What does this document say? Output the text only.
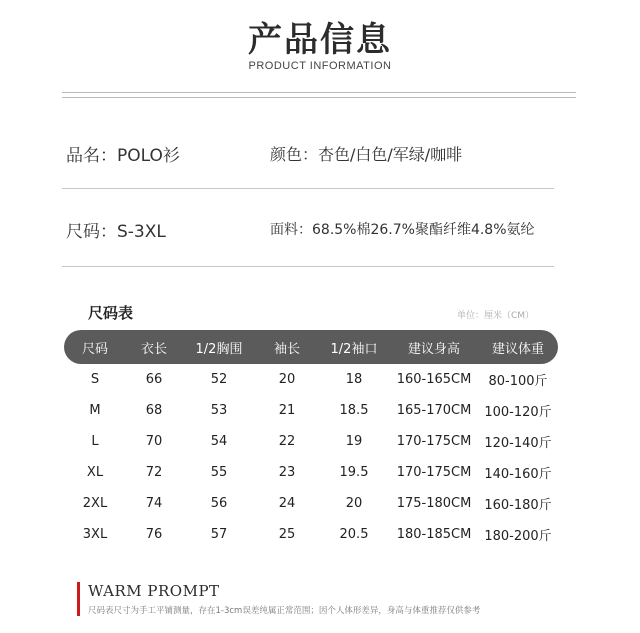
产品信息
PRODUCT INFORMATION
品名：POLO衫	颜色：杏色/白色/军绿/咖啡
尺码：S-3XL	面料：68.5%棉26.7%聚酯纤维4.8%氨纶
尺码表	单位：厘米（CM）
尺码	衣长	1/2胸围	袖长	1/2袖口	建议身高	建议体重
S	66	52	20	18	160-165CM	80-100斤
M	68	53	21	18.5	165-170CM	100-120斤
L	70	54	22	19	170-175CM	120-140斤
XL	72	55	23	19.5	170-175CM	140-160斤
2XL	74	56	24	20	175-180CM	160-180斤
3XL	76	57	25	20.5	180-185CM	180-200斤
WARM PROMPT
尺码表尺寸为手工平铺测量，存在1-3cm误差纯属正常范围；因个人体形差异，身高与体重推荐仅供参考
